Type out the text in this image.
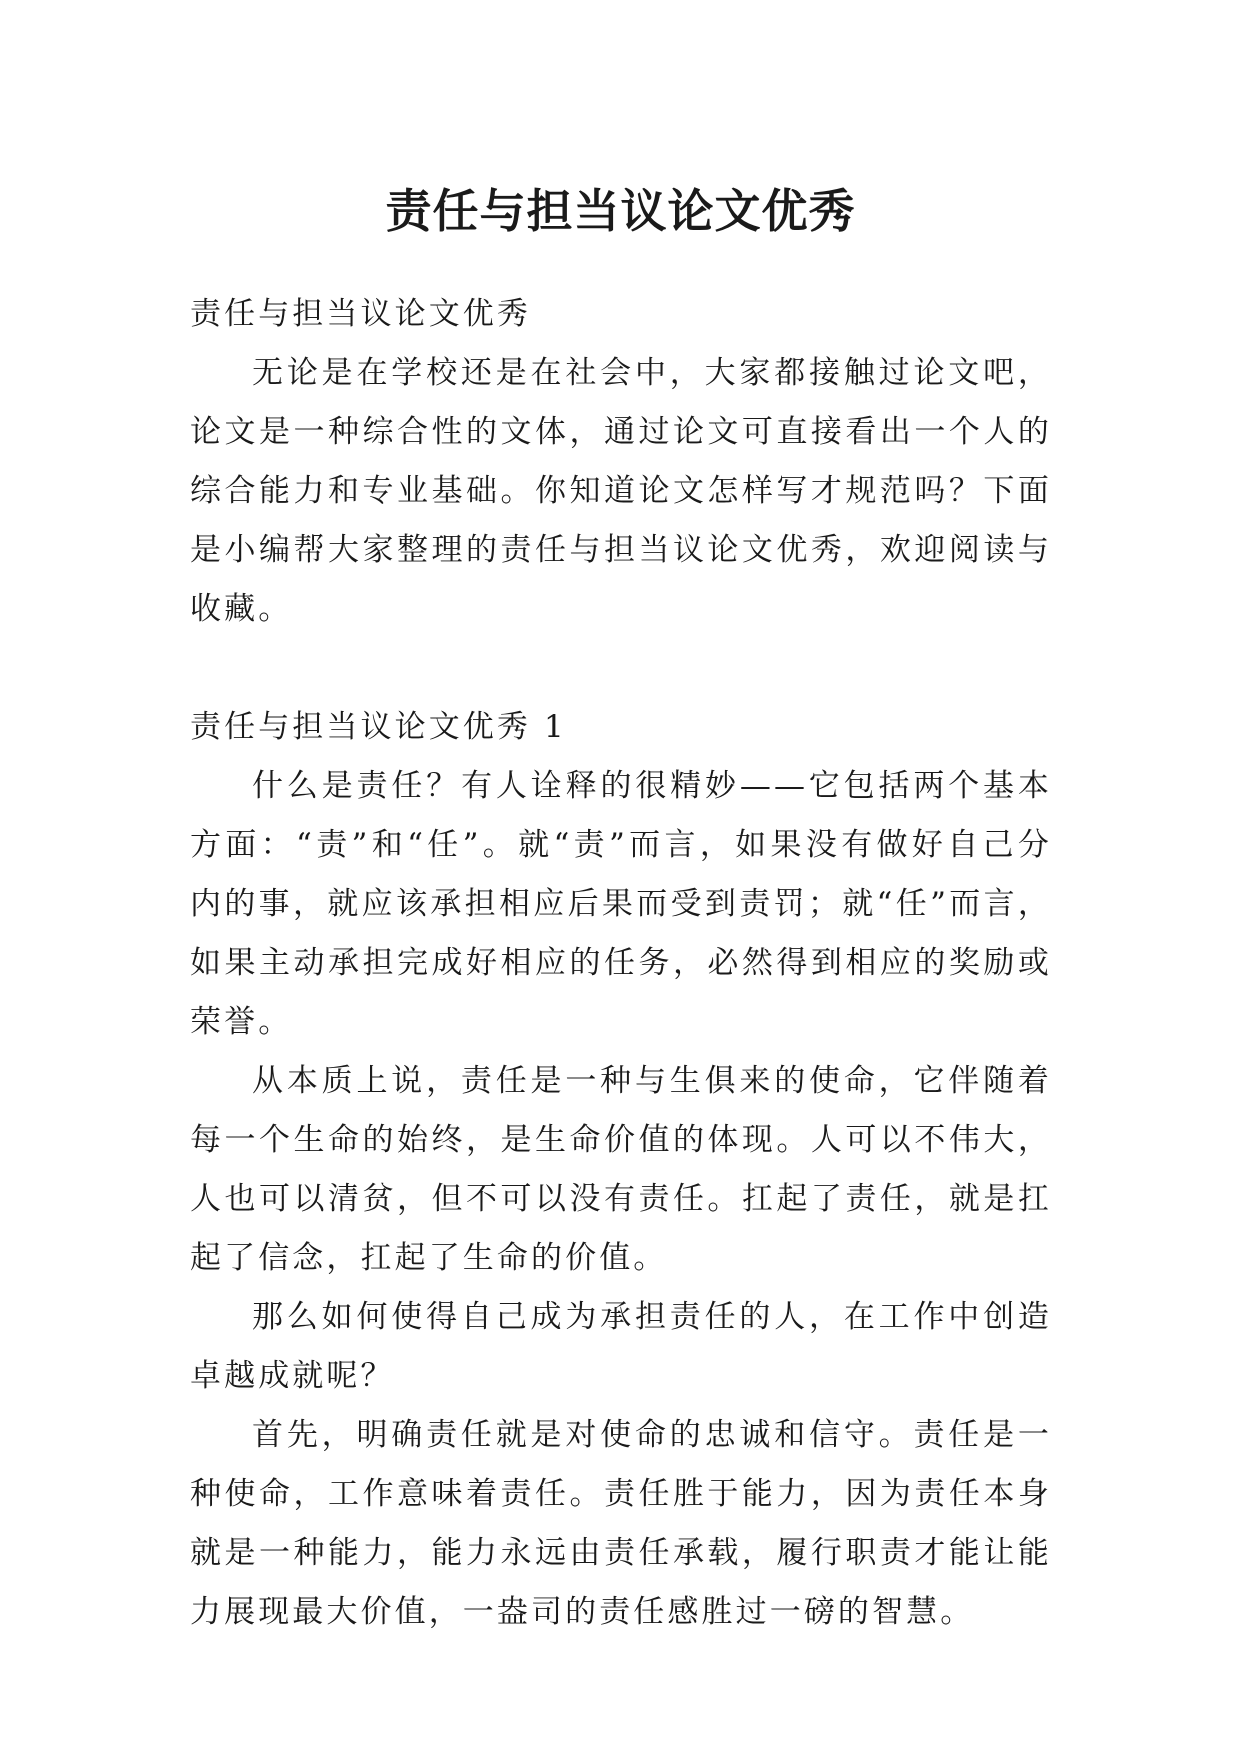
责任与担当议论文优秀

责任与担当议论文优秀

无论是在学校还是在社会中，大家都接触过论文吧，论文是一种综合性的文体，通过论文可直接看出一个人的综合能力和专业基础。你知道论文怎样写才规范吗？下面是小编帮大家整理的责任与担当议论文优秀，欢迎阅读与收藏。

责任与担当议论文优秀 1

什么是责任？有人诠释的很精妙——它包括两个基本方面：“责”和“任”。就“责”而言，如果没有做好自己分内的事，就应该承担相应后果而受到责罚；就“任”而言，如果主动承担完成好相应的任务，必然得到相应的奖励或荣誉。

从本质上说，责任是一种与生俱来的使命，它伴随着每一个生命的始终，是生命价值的体现。人可以不伟大，人也可以清贫，但不可以没有责任。扛起了责任，就是扛起了信念，扛起了生命的价值。

那么如何使得自己成为承担责任的人，在工作中创造卓越成就呢？

首先，明确责任就是对使命的忠诚和信守。责任是一种使命，工作意味着责任。责任胜于能力，因为责任本身就是一种能力，能力永远由责任承载，履行职责才能让能力展现最大价值，一盎司的责任感胜过一磅的智慧。
